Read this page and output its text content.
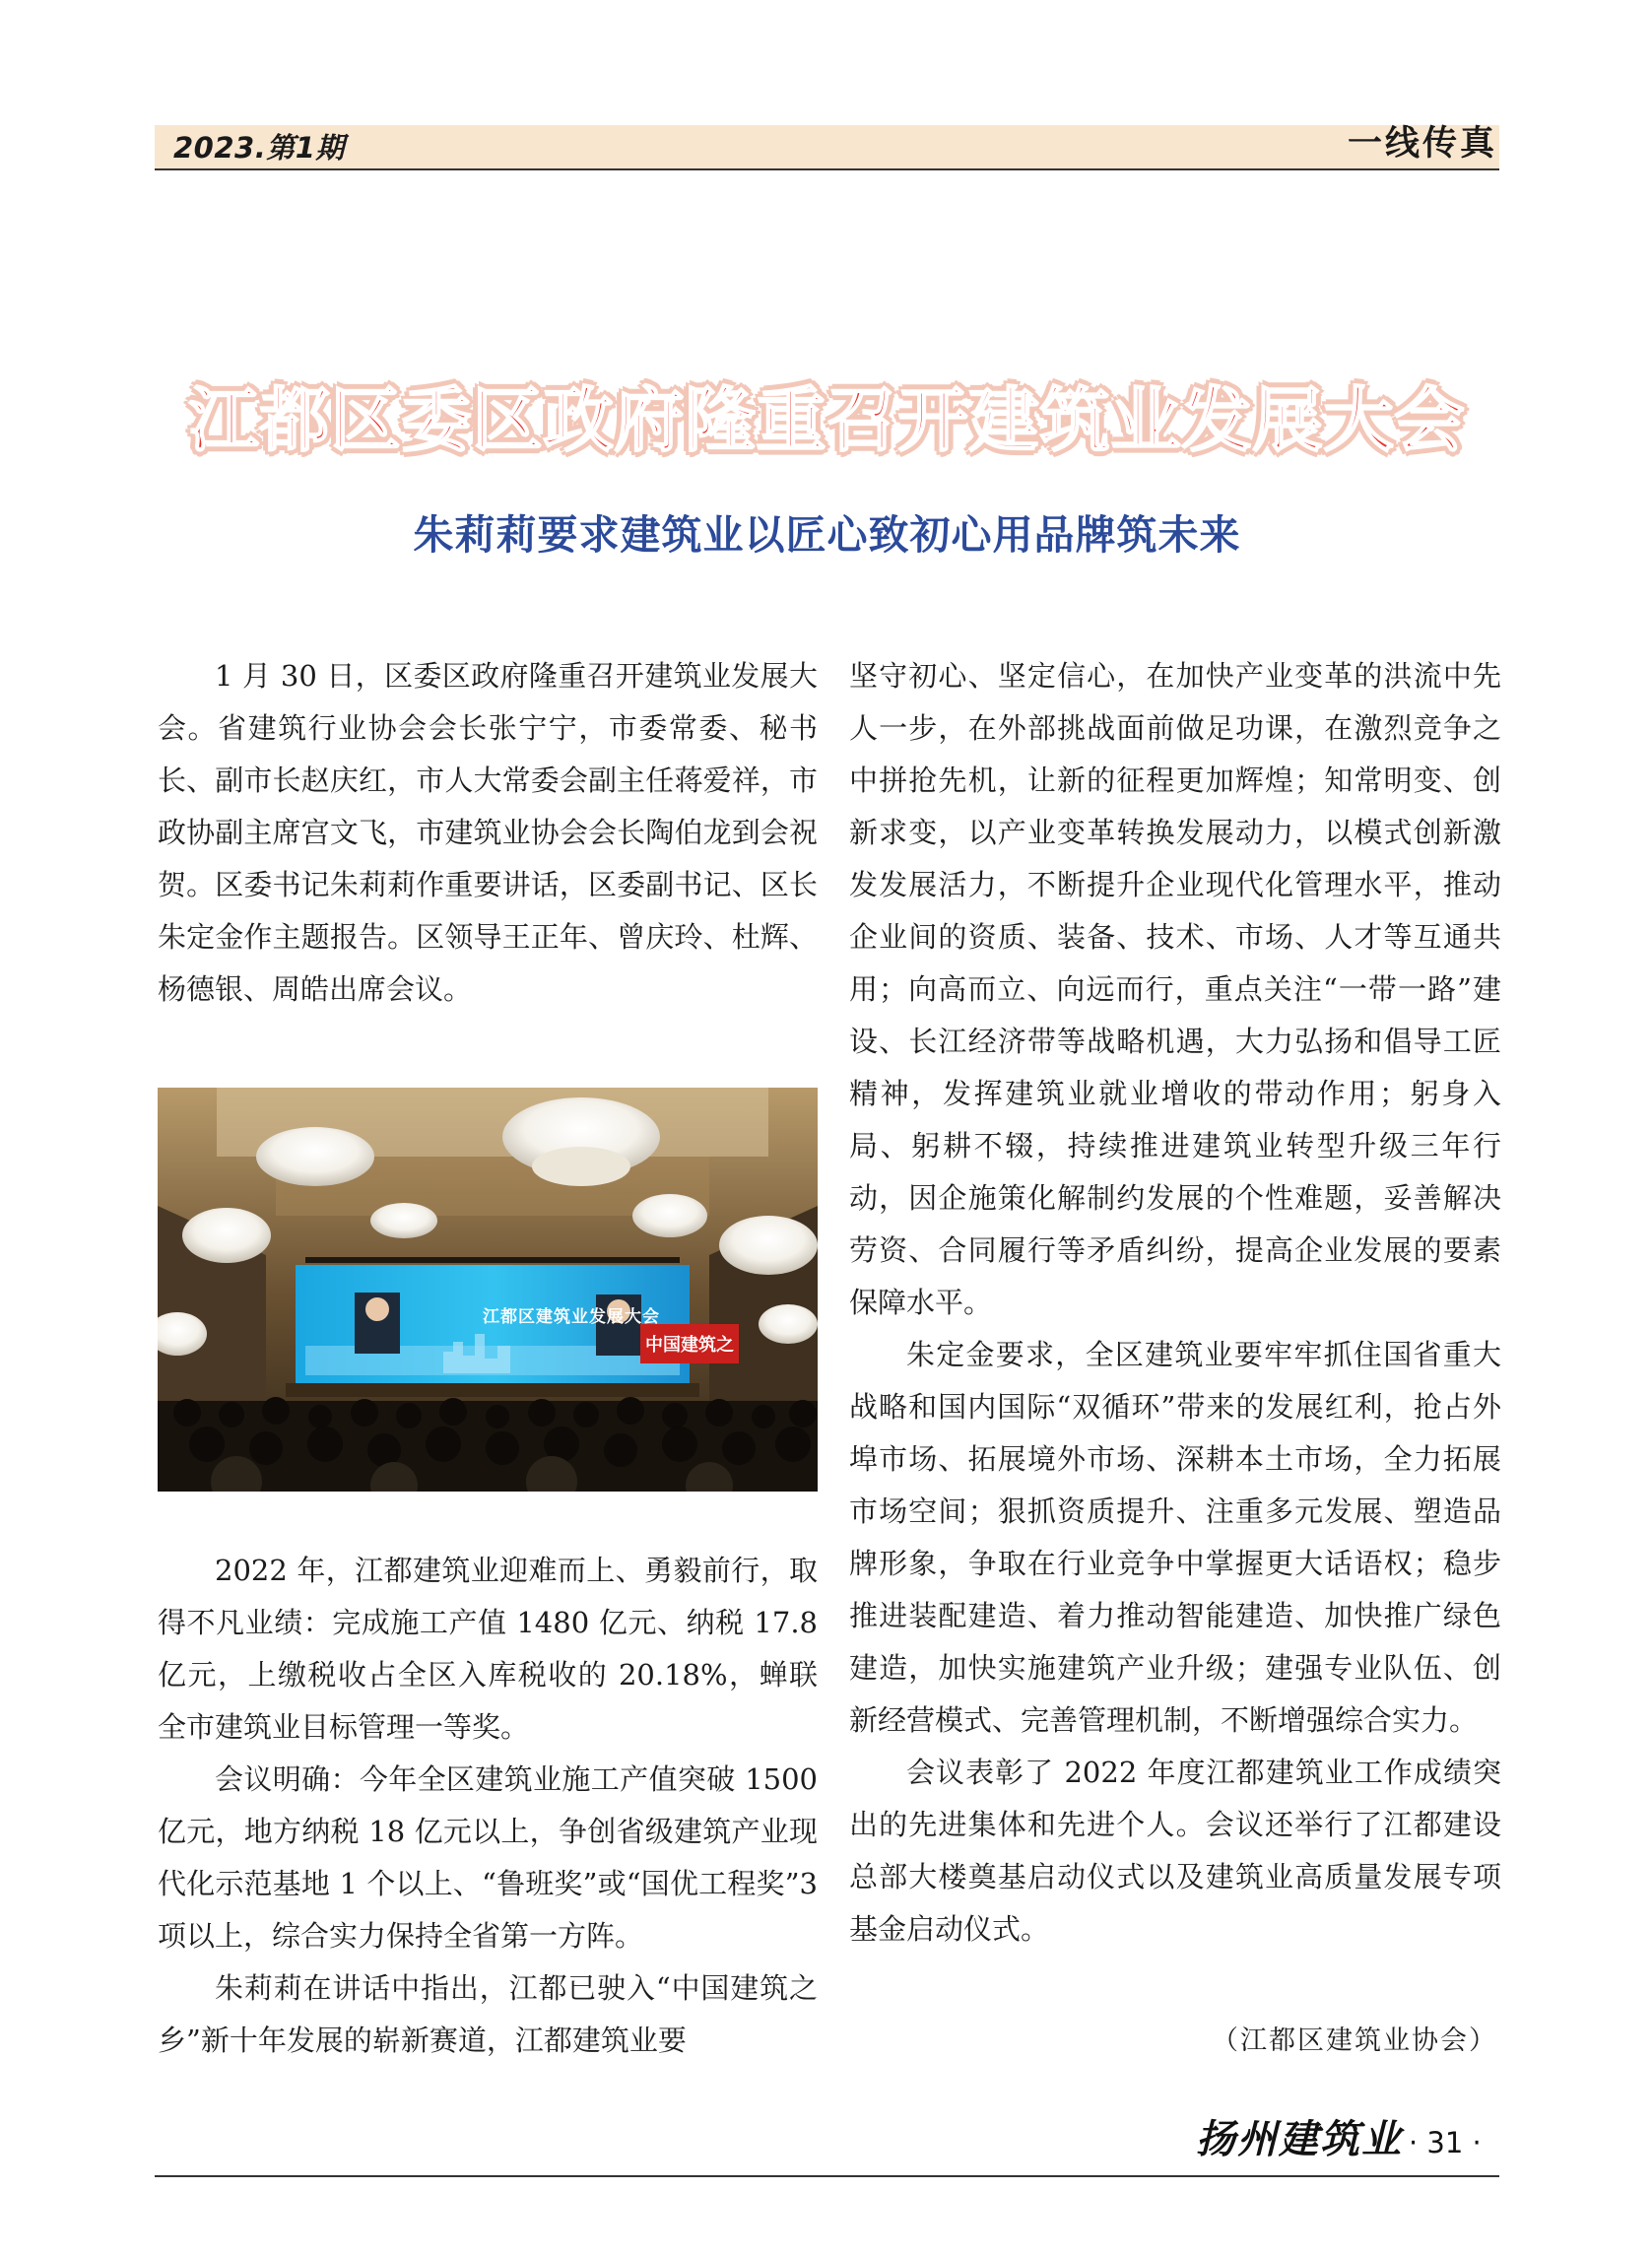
2023.第1期	一线传真
江都区委区政府隆重召开建筑业发展大会
朱莉莉要求建筑业以匠心致初心用品牌筑未来

1 月 30 日，区委区政府隆重召开建筑业发展大会。省建筑行业协会会长张宁宁，市委常委、秘书长、副市长赵庆红，市人大常委会副主任蒋爱祥，市政协副主席宫文飞，市建筑业协会会长陶伯龙到会祝贺。区委书记朱莉莉作重要讲话，区委副书记、区长朱定金作主题报告。区领导王正年、曾庆玲、杜辉、杨德银、周皓出席会议。

中国建筑之
江都区建筑业发展大会

2022 年，江都建筑业迎难而上、勇毅前行，取得不凡业绩：完成施工产值 1480 亿元、纳税 17.8 亿元，上缴税收占全区入库税收的 20.18%，蝉联全市建筑业目标管理一等奖。

会议明确：今年全区建筑业施工产值突破 1500 亿元，地方纳税 18 亿元以上，争创省级建筑产业现代化示范基地 1 个以上、“鲁班奖”或“国优工程奖”3 项以上，综合实力保持全省第一方阵。

朱莉莉在讲话中指出，江都已驶入“中国建筑之乡”新十年发展的崭新赛道，江都建筑业要

坚守初心、坚定信心，在加快产业变革的洪流中先人一步，在外部挑战面前做足功课，在激烈竞争之中拼抢先机，让新的征程更加辉煌；知常明变、创新求变，以产业变革转换发展动力，以模式创新激发发展活力，不断提升企业现代化管理水平，推动企业间的资质、装备、技术、市场、人才等互通共用；向高而立、向远而行，重点关注“一带一路”建设、长江经济带等战略机遇，大力弘扬和倡导工匠精神，发挥建筑业就业增收的带动作用；躬身入局、躬耕不辍，持续推进建筑业转型升级三年行动，因企施策化解制约发展的个性难题，妥善解决劳资、合同履行等矛盾纠纷，提高企业发展的要素保障水平。

朱定金要求，全区建筑业要牢牢抓住国省重大战略和国内国际“双循环”带来的发展红利，抢占外埠市场、拓展境外市场、深耕本土市场，全力拓展市场空间；狠抓资质提升、注重多元发展、塑造品牌形象，争取在行业竞争中掌握更大话语权；稳步推进装配建造、着力推动智能建造、加快推广绿色建造，加快实施建筑产业升级；建强专业队伍、创新经营模式、完善管理机制，不断增强综合实力。

会议表彰了 2022 年度江都建筑业工作成绩突出的先进集体和先进个人。会议还举行了江都建设总部大楼奠基启动仪式以及建筑业高质量发展专项基金启动仪式。

（江都区建筑业协会）
扬州建筑业 · 31 ·
